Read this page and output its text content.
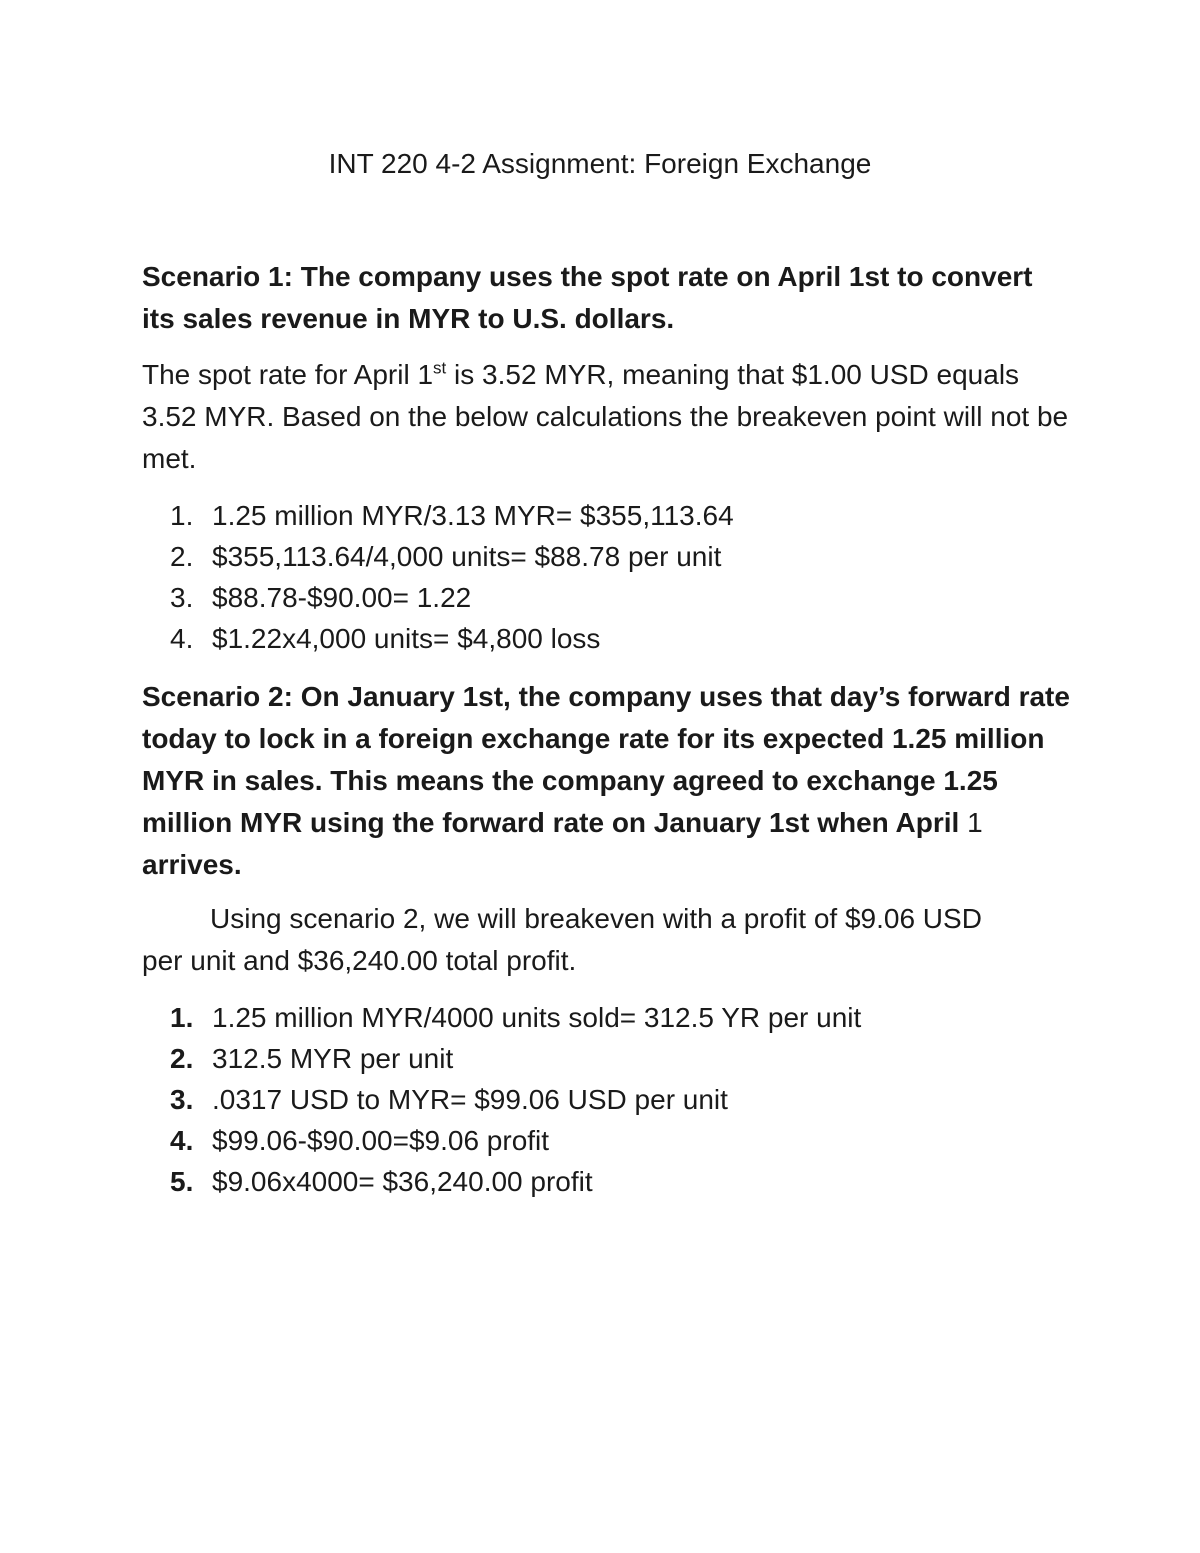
INT 220 4-2 Assignment: Foreign Exchange

Scenario 1: The company uses the spot rate on April 1st to convert
its sales revenue in MYR to U.S. dollars.

The spot rate for April 1st is 3.52 MYR, meaning that $1.00 USD equals 3.52 MYR. Based on the below calculations the breakeven point will not be met.

1. 1.25 million MYR/3.13 MYR= $355,113.64
2. $355,113.64/4,000 units= $88.78 per unit
3. $88.78-$90.00= 1.22
4. $1.22x4,000 units= $4,800 loss

Scenario 2: On January 1st, the company uses that day’s forward rate
today to lock in a foreign exchange rate for its expected 1.25 million
MYR in sales. This means the company agreed to exchange 1.25
million MYR using the forward rate on January 1st when April 1
arrives.

Using scenario 2, we will breakeven with a profit of $9.06 USD
per unit and $36,240.00 total profit.

1. 1.25 million MYR/4000 units sold= 312.5 YR per unit
2. 312.5 MYR per unit
3. .0317 USD to MYR= $99.06 USD per unit
4. $99.06-$90.00=$9.06 profit
5. $9.06x4000= $36,240.00 profit
